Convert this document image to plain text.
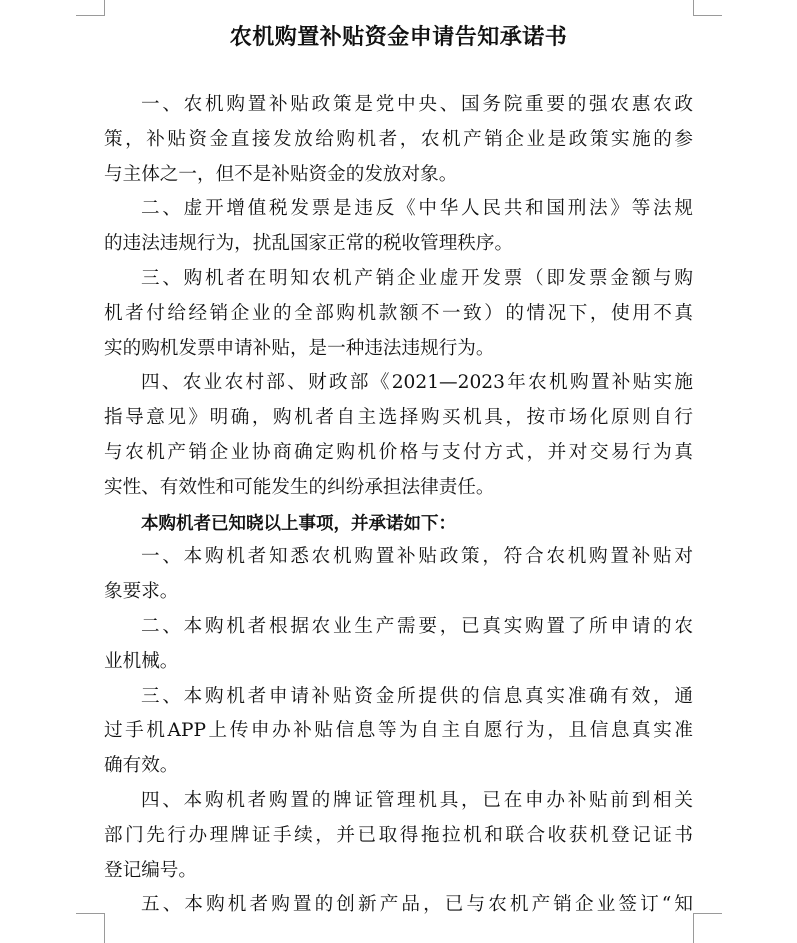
农机购置补贴资金申请告知承诺书
一、农机购置补贴政策是党中央、国务院重要的强农惠农政
策，补贴资金直接发放给购机者，农机产销企业是政策实施的参
与主体之一，但不是补贴资金的发放对象。
二、虚开增值税发票是违反《中华人民共和国刑法》等法规
的违法违规行为，扰乱国家正常的税收管理秩序。
三、购机者在明知农机产销企业虚开发票（即发票金额与购
机者付给经销企业的全部购机款额不一致）的情况下，使用不真
实的购机发票申请补贴，是一种违法违规行为。
四、农业农村部、财政部《2021—2023年农机购置补贴实施
指导意见》明确，购机者自主选择购买机具，按市场化原则自行
与农机产销企业协商确定购机价格与支付方式，并对交易行为真
实性、有效性和可能发生的纠纷承担法律责任。
本购机者已知晓以上事项，并承诺如下：
一、本购机者知悉农机购置补贴政策，符合农机购置补贴对
象要求。
二、本购机者根据农业生产需要，已真实购置了所申请的农
业机械。
三、本购机者申请补贴资金所提供的信息真实准确有效，通
过手机APP上传申办补贴信息等为自主自愿行为，且信息真实准
确有效。
四、本购机者购置的牌证管理机具，已在申办补贴前到相关
部门先行办理牌证手续，并已取得拖拉机和联合收获机登记证书
登记编号。
五、本购机者购置的创新产品，已与农机产销企业签订“知
